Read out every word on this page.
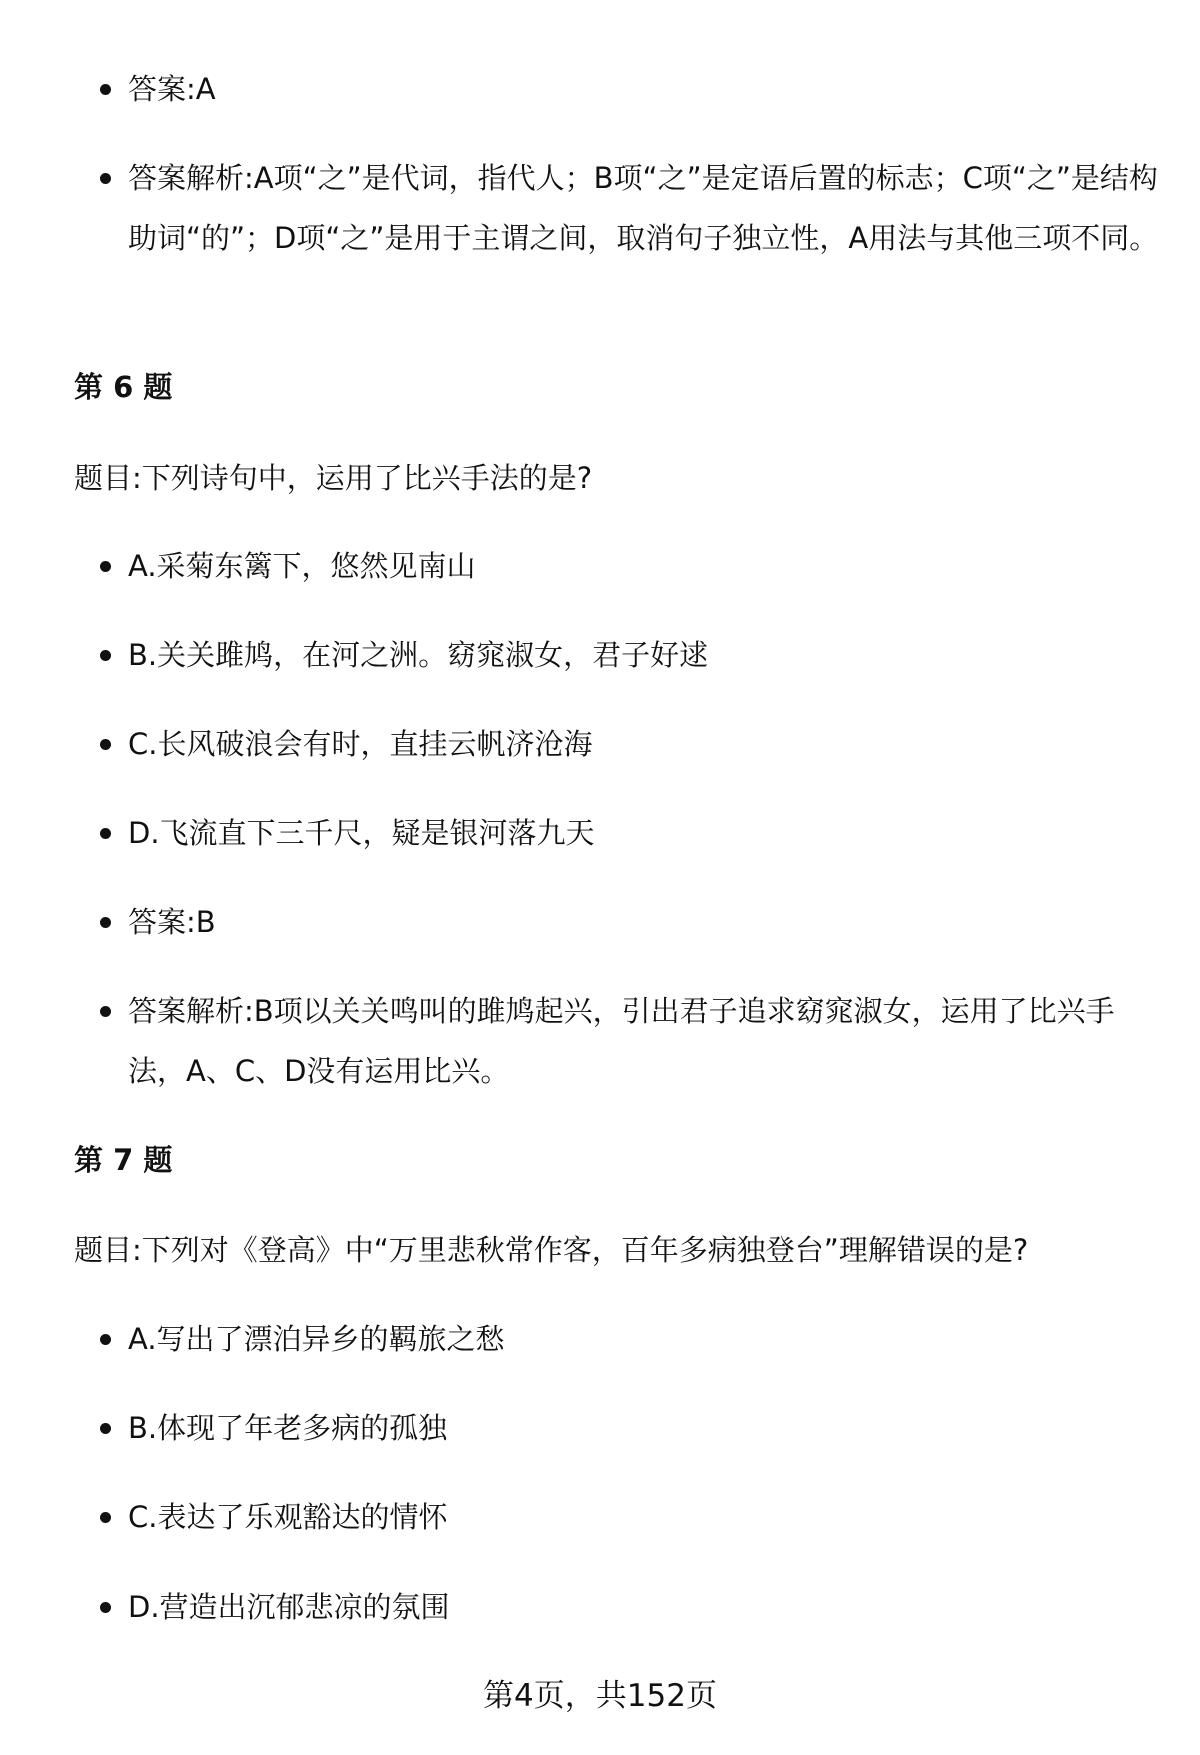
答案:A
答案解析:A项“之”是代词，指代人；B项“之”是定语后置的标志；C项“之”是结构助词“的”；D项“之”是用于主谓之间，取消句子独立性，A用法与其他三项不同。
第 6 题
题目:下列诗句中，运用了比兴手法的是?
A.采菊东篱下，悠然见南山
B.关关雎鸠，在河之洲。窈窕淑女，君子好逑
C.长风破浪会有时，直挂云帆济沧海
D.飞流直下三千尺，疑是银河落九天
答案:B
答案解析:B项以关关鸣叫的雎鸠起兴，引出君子追求窈窕淑女，运用了比兴手法，A、C、D没有运用比兴。
第 7 题
题目:下列对《登高》中“万里悲秋常作客，百年多病独登台”理解错误的是?
A.写出了漂泊异乡的羁旅之愁
B.体现了年老多病的孤独
C.表达了乐观豁达的情怀
D.营造出沉郁悲凉的氛围
第4页，共152页
